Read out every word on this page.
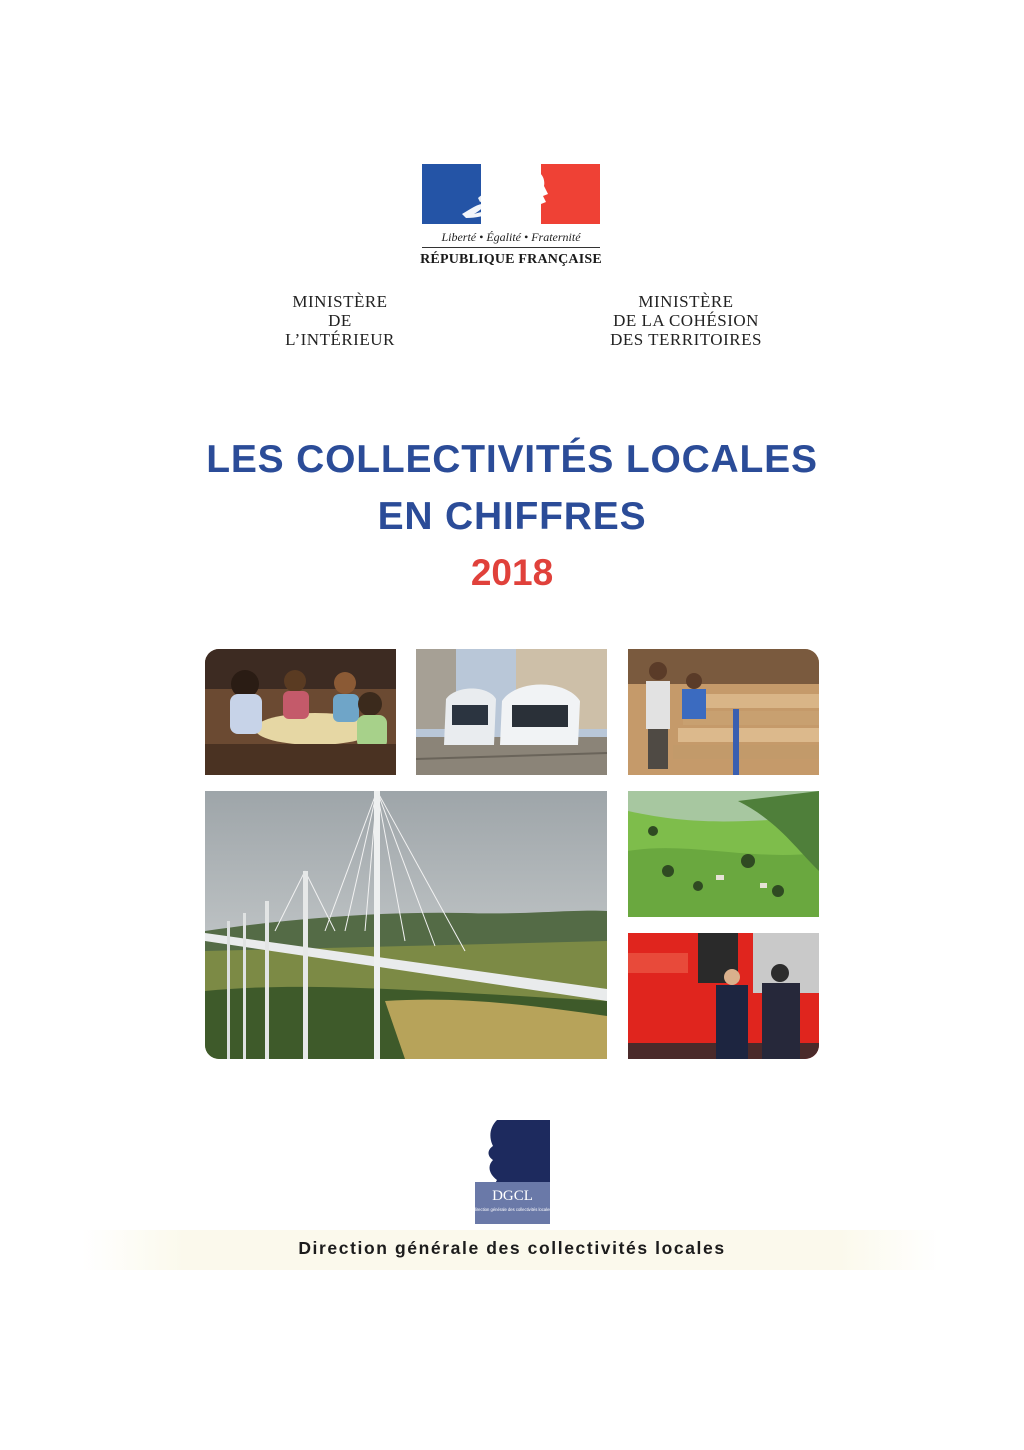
Liberté • Égalité • Fraternité
RÉPUBLIQUE FRANÇAISE
MINISTÈRE
DE
L’INTÉRIEUR
MINISTÈRE
DE LA COHÉSION
DES TERRITOIRES
LES COLLECTIVITÉS LOCALES
EN CHIFFRES
2018
DGCL
direction générale des collectivités locales
Direction générale des collectivités locales
